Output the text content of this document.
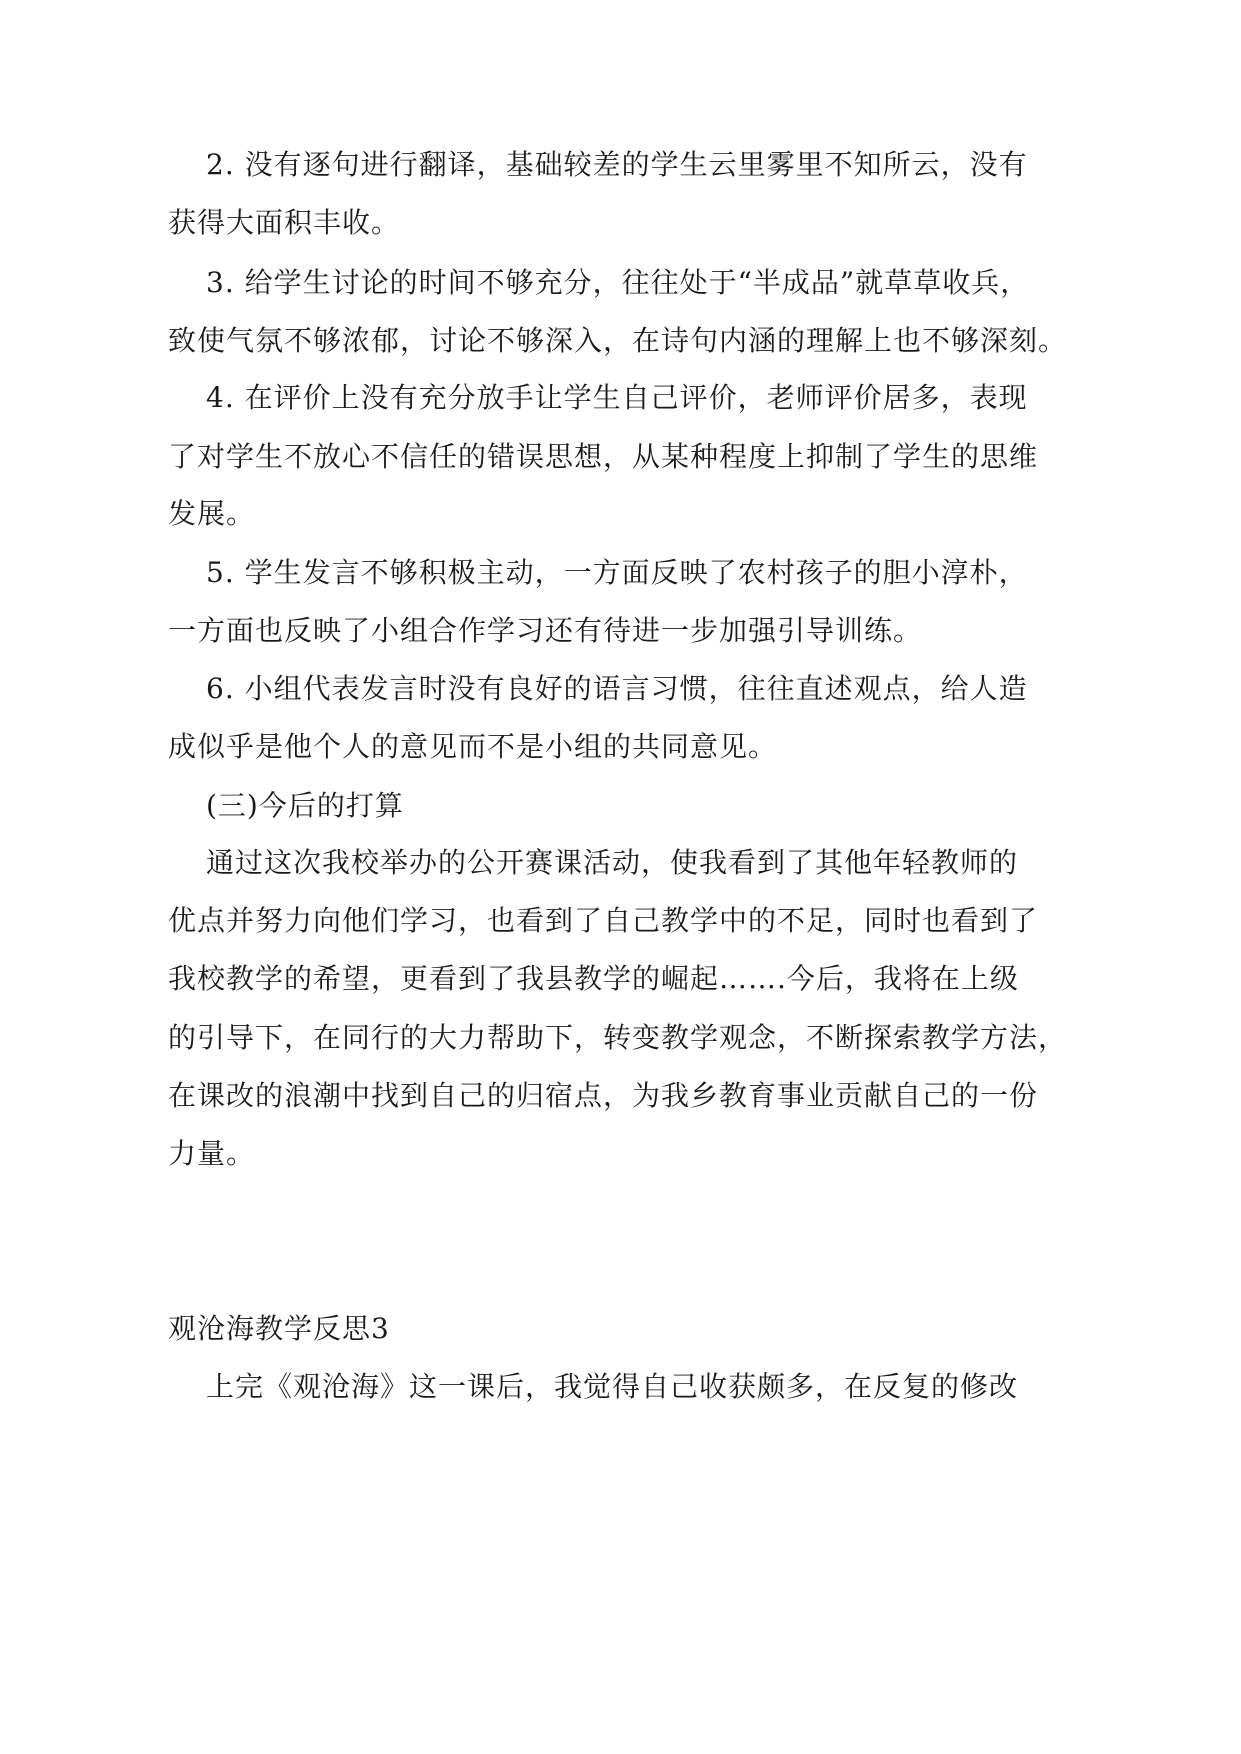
2. 没有逐句进行翻译，基础较差的学生云里雾里不知所云，没有
获得大面积丰收。
3. 给学生讨论的时间不够充分，往往处于“半成品”就草草收兵，
致使气氛不够浓郁，讨论不够深入，在诗句内涵的理解上也不够深刻。
4. 在评价上没有充分放手让学生自己评价，老师评价居多，表现
了对学生不放心不信任的错误思想，从某种程度上抑制了学生的思维
发展。
5. 学生发言不够积极主动，一方面反映了农村孩子的胆小淳朴，
一方面也反映了小组合作学习还有待进一步加强引导训练。
6. 小组代表发言时没有良好的语言习惯，往往直述观点，给人造
成似乎是他个人的意见而不是小组的共同意见。
(三)今后的打算
通过这次我校举办的公开赛课活动，使我看到了其他年轻教师的
优点并努力向他们学习，也看到了自己教学中的不足，同时也看到了
我校教学的希望，更看到了我县教学的崛起…….今后，我将在上级
的引导下，在同行的大力帮助下，转变教学观念，不断探索教学方法，
在课改的浪潮中找到自己的归宿点，为我乡教育事业贡献自己的一份
力量。
观沧海教学反思3
上完《观沧海》这一课后，我觉得自己收获颇多，在反复的修改
